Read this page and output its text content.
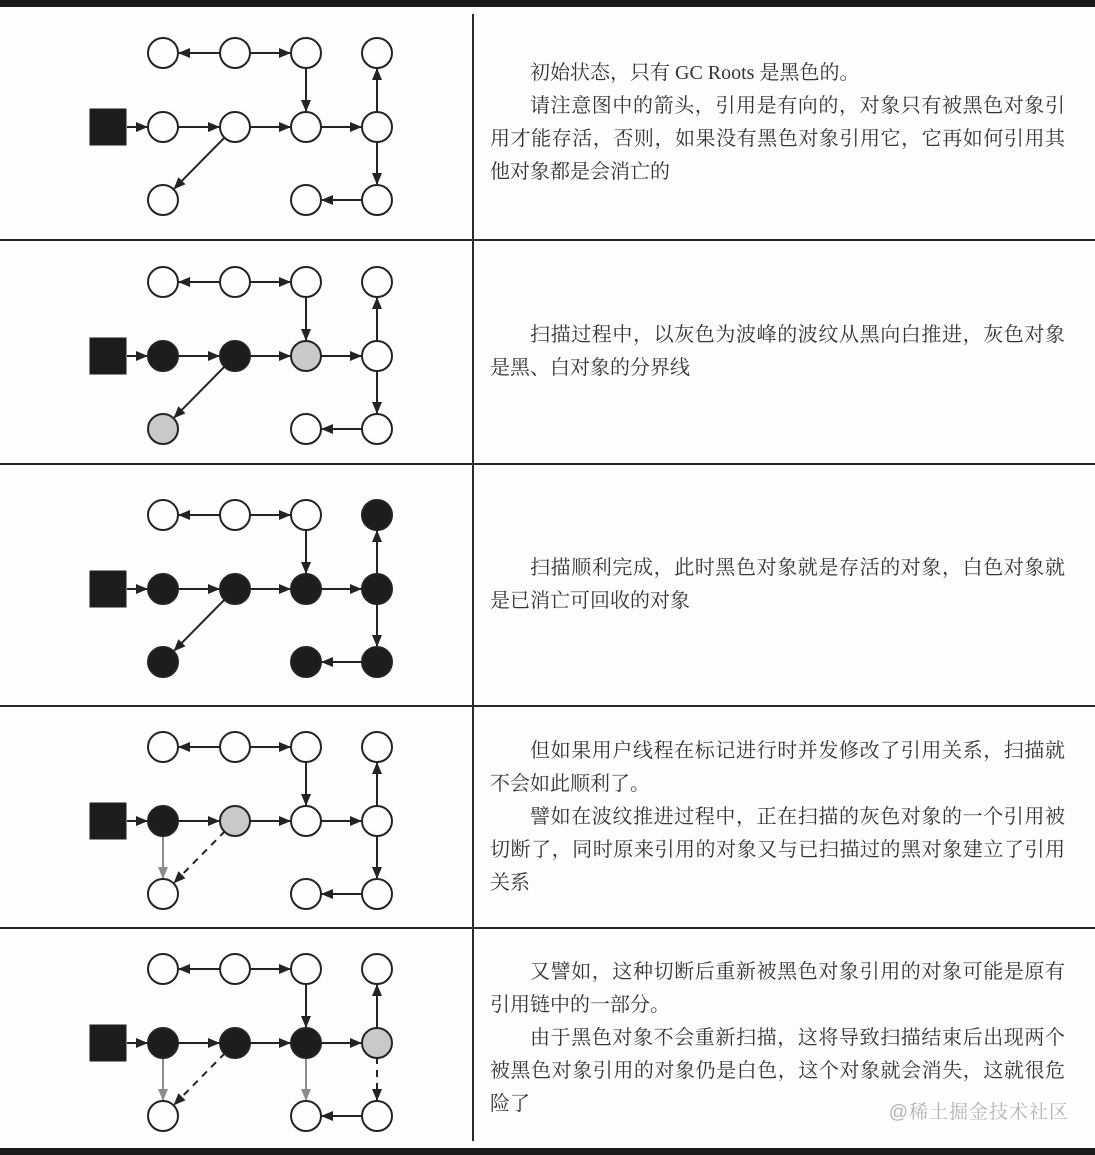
初始状态，只有 GC Roots 是黑色的。

请注意图中的箭头，引用是有向的，对象只有被黑色对象引用才能存活，否则，如果没有黑色对象引用它，它再如何引用其他对象都是会消亡的

扫描过程中，以灰色为波峰的波纹从黑向白推进，灰色对象是黑、白对象的分界线

扫描顺利完成，此时黑色对象就是存活的对象，白色对象就是已消亡可回收的对象

但如果用户线程在标记进行时并发修改了引用关系，扫描就不会如此顺利了。

譬如在波纹推进过程中，正在扫描的灰色对象的一个引用被切断了，同时原来引用的对象又与已扫描过的黑对象建立了引用关系

又譬如，这种切断后重新被黑色对象引用的对象可能是原有引用链中的一部分。

由于黑色对象不会重新扫描，这将导致扫描结束后出现两个被黑色对象引用的对象仍是白色，这个对象就会消失，这就很危险了	@稀土掘金技术社区
